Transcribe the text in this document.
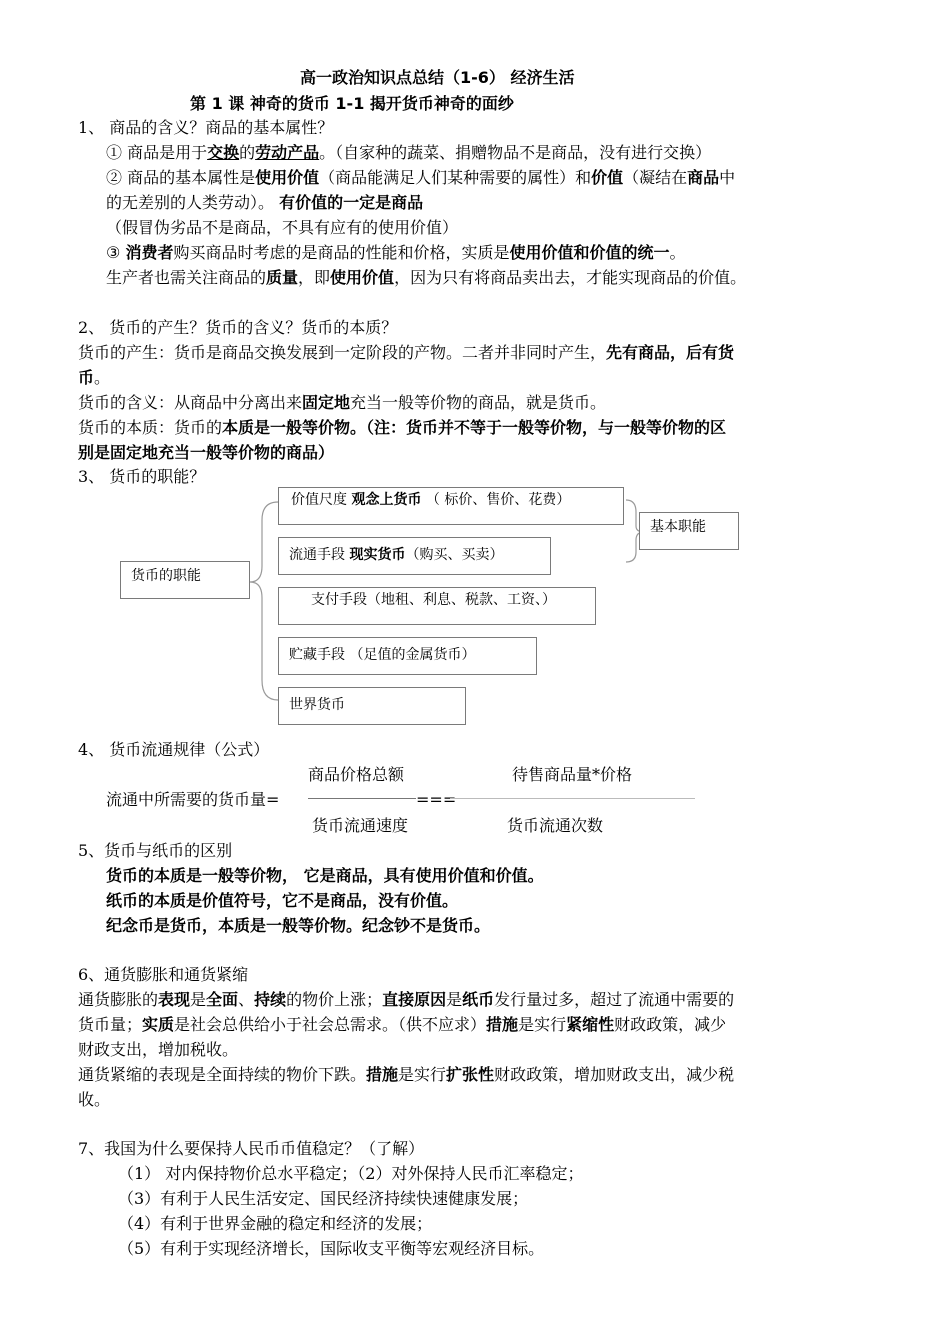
高一政治知识点总结（1-6） 经济生活
第 1 课 神奇的货币 1-1 揭开货币神奇的面纱
1、 商品的含义？商品的基本属性？
① 商品是用于交换的劳动产品。（自家种的蔬菜、捐赠物品不是商品，没有进行交换）
② 商品的基本属性是使用价值（商品能满足人们某种需要的属性）和价值（凝结在商品中
的无差别的人类劳动）。 有价值的一定是商品
（假冒伪劣品不是商品，不具有应有的使用价值）
③ 消费者购买商品时考虑的是商品的性能和价格，实质是使用价值和价值的统一。
生产者也需关注商品的质量，即使用价值，因为只有将商品卖出去，才能实现商品的价值。
2、 货币的产生？货币的含义？货币的本质？
货币的产生：货币是商品交换发展到一定阶段的产物。二者并非同时产生，先有商品，后有货
币。
货币的含义：从商品中分离出来固定地充当一般等价物的商品，就是货币。
货币的本质：货币的本质是一般等价物。（注：货币并不等于一般等价物，与一般等价物的区
别是固定地充当一般等价物的商品）
3、 货币的职能？
货币的职能
基本职能
价值尺度 观念上货币 （ 标价、售价、花费）
流通手段 现实货币（购买、买卖）
支付手段（地租、利息、税款、工资、）
贮藏手段 （足值的金属货币）
世界货币
4、 货币流通规律（公式）
商品价格总额	待售商品量*价格
流通中所需要的货币量=	===
货币流通速度	货币流通次数
5、货币与纸币的区别
货币的本质是一般等价物， 它是商品，具有使用价值和价值。
纸币的本质是价值符号，它不是商品，没有价值。
纪念币是货币，本质是一般等价物。纪念钞不是货币。
6、通货膨胀和通货紧缩
通货膨胀的表现是全面、持续的物价上涨；直接原因是纸币发行量过多，超过了流通中需要的
货币量；实质是社会总供给小于社会总需求。（供不应求）措施是实行紧缩性财政政策，减少
财政支出，增加税收。
通货紧缩的表现是全面持续的物价下跌。措施是实行扩张性财政政策，增加财政支出，减少税
收。
7、我国为什么要保持人民币币值稳定？（了解）
（1） 对内保持物价总水平稳定；（2）对外保持人民币汇率稳定；
（3）有利于人民生活安定、国民经济持续快速健康发展；
（4）有利于世界金融的稳定和经济的发展；
（5）有利于实现经济增长，国际收支平衡等宏观经济目标。
